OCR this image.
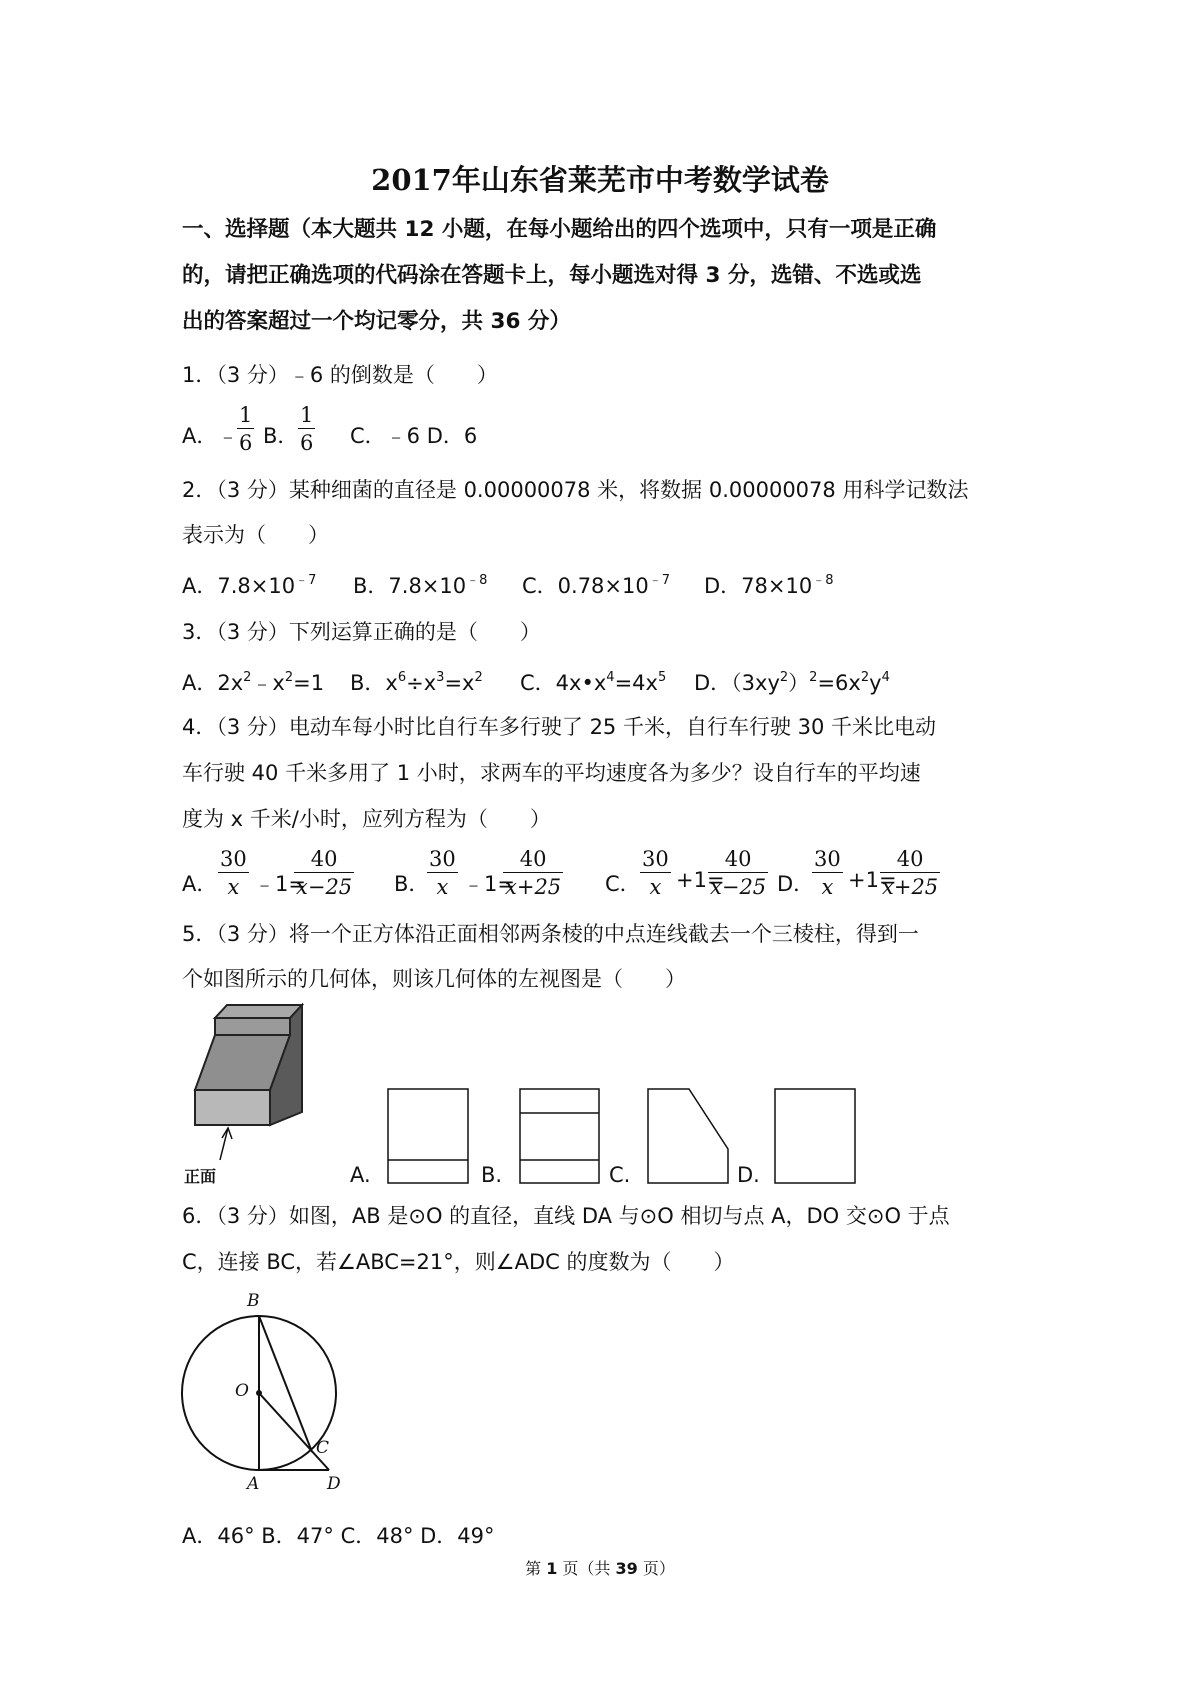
2017年山东省莱芜市中考数学试卷
一、选择题（本大题共 12 小题，在每小题给出的四个选项中，只有一项是正确
的，请把正确选项的代码涂在答题卡上，每小题选对得 3 分，选错、不选或选
出的答案超过一个均记零分，共 36 分）
1．（3 分）﹣6 的倒数是（　　）
A．﹣
$\frac{1}{6}$ B． $\frac{1}{6}$ C．﹣6 D．6
2．（3 分）某种细菌的直径是 0.00000078 米，将数据 0.00000078 用科学记数法
表示为（　　）
A．$7.8\times 10^{﹣7}$ B．$7.8\times 10^{﹣8}$ C．$0.78\times 10^{﹣7}$ D．$78\times 10^{﹣8}$
3．（3 分）下列运算正确的是（　　）
A．$2x^2﹣x^2=1$ B．$x^6\div x^3=x^2$ C．$4x•x^4=4x^5$ D．$(3xy^2)^2=6x^2y^4$
4．（3 分）电动车每小时比自行车多行驶了 25 千米，自行车行驶 30 千米比电动
车行驶 40 千米多用了 1 小时，求两车的平均速度各为多少？设自行车的平均速
度为 x 千米/小时，应列方程为（　　）
A． $\frac{30}{x}$ ﹣1=
$\frac{40}{x-25}$ B．
$\frac{30}{x}$ ﹣1=
$\frac{40}{x+25}$ C． $\frac{30}{x} +1=$
$\frac{40}{x-25}$ D．
$\frac{30}{x} +1=$
$\frac{40}{x+25}$
5．（3 分）将一个正方体沿正面相邻两条棱的中点连线截去一个三棱柱，得到一
个如图所示的几何体，则该几何体的左视图是（　　）
正面	A.	B.	C.	D.
6．（3 分）如图，AB 是⊙O 的直径，直线 DA 与⊙O 相切与点 A，DO 交⊙O 于点
C，连接 BC，若∠ABC=21°，则∠ADC 的度数为（　　）
B
O
C
A	D
A．46° B．47° C．48° D．49°
第 1 页（共 39 页）
